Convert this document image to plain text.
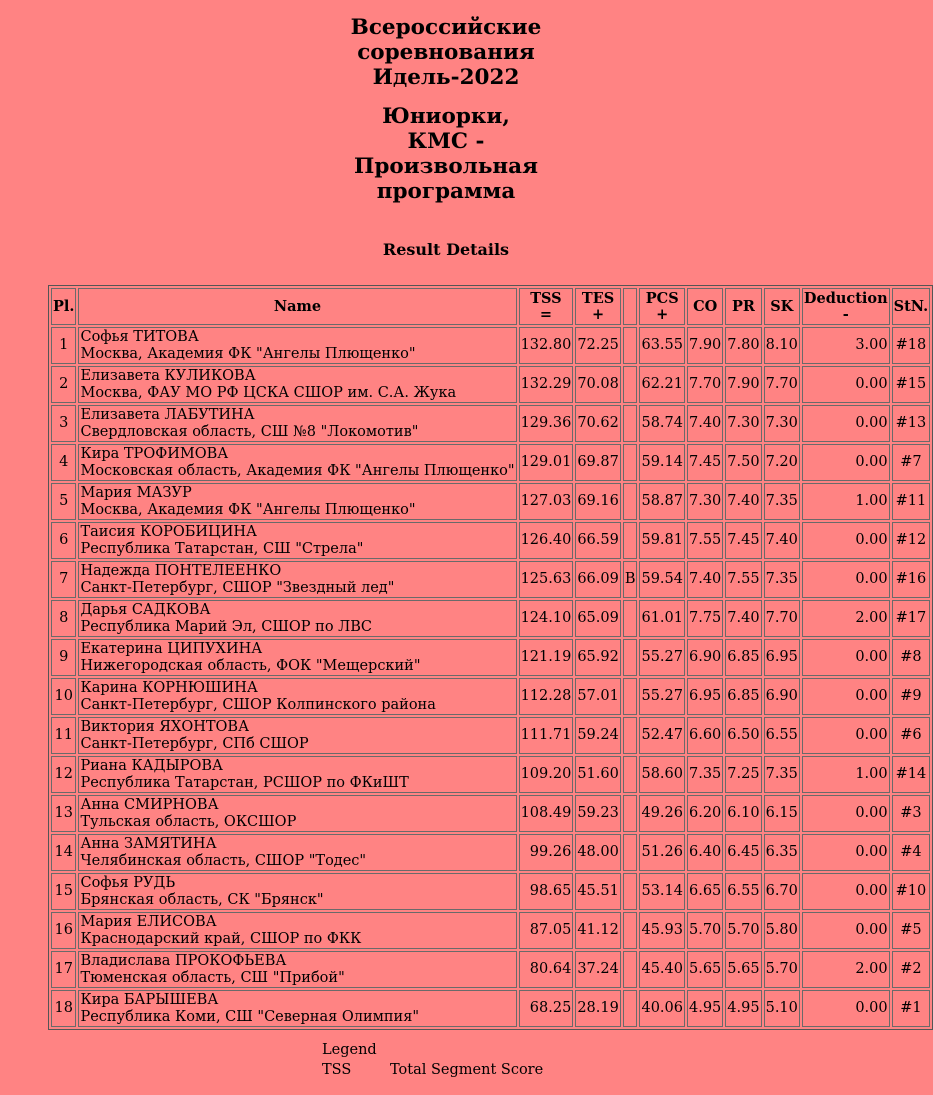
Всероссийские
соревнования
Идель-2022
Юниорки,
КМС -
Произвольная
программа
Result Details
Pl.	Name	TSS
=	TES
+		PCS
+	CO	PR	SK	Deduction
-	StN.
1	Софья ТИТОВА
Москва, Академия ФК "Ангелы Плющенко"	132.80	72.25		63.55	7.90	7.80	8.10	3.00	#18
2	Елизавета КУЛИКОВА
Москва, ФАУ МО РФ ЦСКА СШОР им. С.А. Жука	132.29	70.08		62.21	7.70	7.90	7.70	0.00	#15
3	Елизавета ЛАБУТИНА
Свердловская область, СШ №8 "Локомотив"	129.36	70.62		58.74	7.40	7.30	7.30	0.00	#13
4	Кира ТРОФИМОВА
Московская область, Академия ФК "Ангелы Плющенко"	129.01	69.87		59.14	7.45	7.50	7.20	0.00	#7
5	Мария МАЗУР
Москва, Академия ФК "Ангелы Плющенко"	127.03	69.16		58.87	7.30	7.40	7.35	1.00	#11
6	Таисия КОРОБИЦИНА
Республика Татарстан, СШ "Стрела"	126.40	66.59		59.81	7.55	7.45	7.40	0.00	#12
7	Надежда ПОНТЕЛЕЕНКО
Санкт-Петербург, СШОР "Звездный лед"	125.63	66.09	B	59.54	7.40	7.55	7.35	0.00	#16
8	Дарья САДКОВА
Республика Марий Эл, СШОР по ЛВС	124.10	65.09		61.01	7.75	7.40	7.70	2.00	#17
9	Екатерина ЦИПУХИНА
Нижегородская область, ФОК "Мещерский"	121.19	65.92		55.27	6.90	6.85	6.95	0.00	#8
10	Карина КОРНЮШИНА
Санкт-Петербург, СШОР Колпинского района	112.28	57.01		55.27	6.95	6.85	6.90	0.00	#9
11	Виктория ЯХОНТОВА
Санкт-Петербург, СПб СШОР	111.71	59.24		52.47	6.60	6.50	6.55	0.00	#6
12	Риана КАДЫРОВА
Республика Татарстан, РСШОР по ФКиШТ	109.20	51.60		58.60	7.35	7.25	7.35	1.00	#14
13	Анна СМИРНОВА
Тульская область, ОКСШОР	108.49	59.23		49.26	6.20	6.10	6.15	0.00	#3
14	Анна ЗАМЯТИНА
Челябинская область, СШОР "Тодес"	99.26	48.00		51.26	6.40	6.45	6.35	0.00	#4
15	Софья РУДЬ
Брянская область, СК "Брянск"	98.65	45.51		53.14	6.65	6.55	6.70	0.00	#10
16	Мария ЕЛИСОВА
Краснодарский край, СШОР по ФКК	87.05	41.12		45.93	5.70	5.70	5.80	0.00	#5
17	Владислава ПРОКОФЬЕВА
Тюменская область, СШ "Прибой"	80.64	37.24		45.40	5.65	5.65	5.70	2.00	#2
18	Кира БАРЫШЕВА
Республика Коми, СШ "Северная Олимпия"	68.25	28.19		40.06	4.95	4.95	5.10	0.00	#1
Legend
TSS	Total Segment Score
